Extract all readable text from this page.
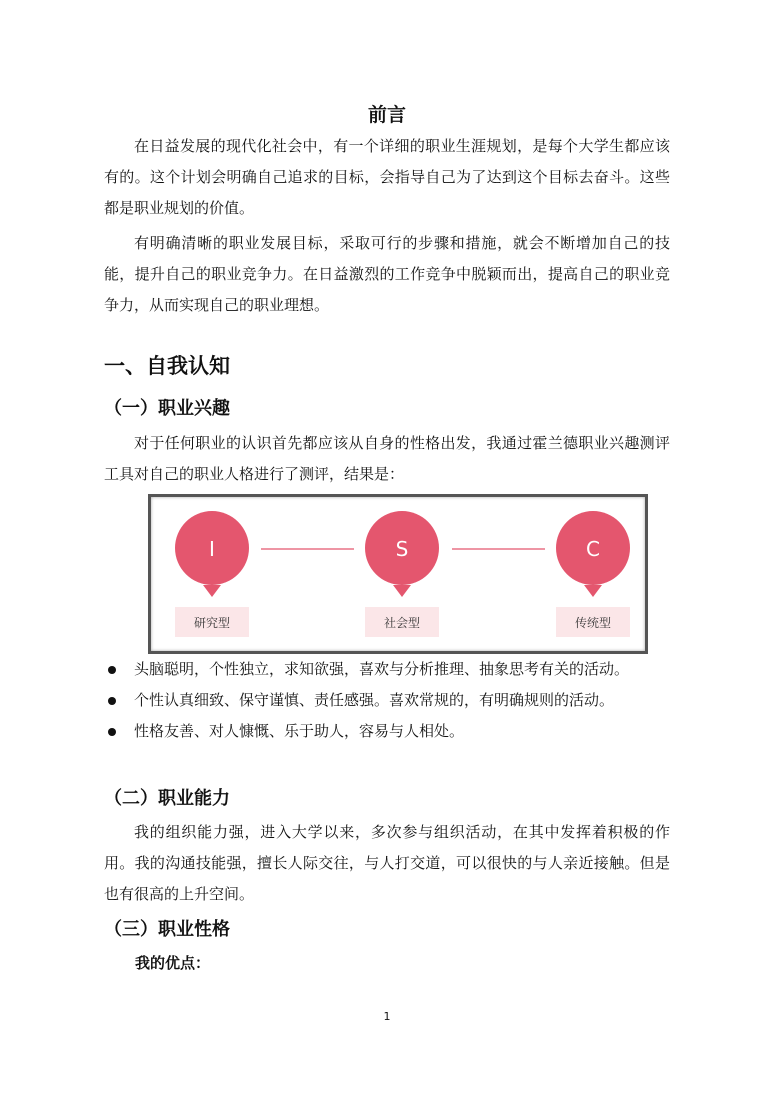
前言
在日益发展的现代化社会中，有一个详细的职业生涯规划，是每个大学生都应该有的。这个计划会明确自己追求的目标，会指导自己为了达到这个目标去奋斗。这些都是职业规划的价值。
有明确清晰的职业发展目标，采取可行的步骤和措施，就会不断增加自己的技能，提升自己的职业竞争力。在日益激烈的工作竞争中脱颖而出，提高自己的职业竞争力，从而实现自己的职业理想。
一、自我认知
（一）职业兴趣
对于任何职业的认识首先都应该从自身的性格出发，我通过霍兰德职业兴趣测评工具对自己的职业人格进行了测评，结果是：
I
研究型
S
社会型
C
传统型
头脑聪明，个性独立，求知欲强，喜欢与分析推理、抽象思考有关的活动。
个性认真细致、保守谨慎、责任感强。喜欢常规的，有明确规则的活动。
性格友善、对人慷慨、乐于助人，容易与人相处。
（二）职业能力
我的组织能力强，进入大学以来，多次参与组织活动，在其中发挥着积极的作用。我的沟通技能强，擅长人际交往，与人打交道，可以很快的与人亲近接触。但是也有很高的上升空间。
（三）职业性格
我的优点：
1
